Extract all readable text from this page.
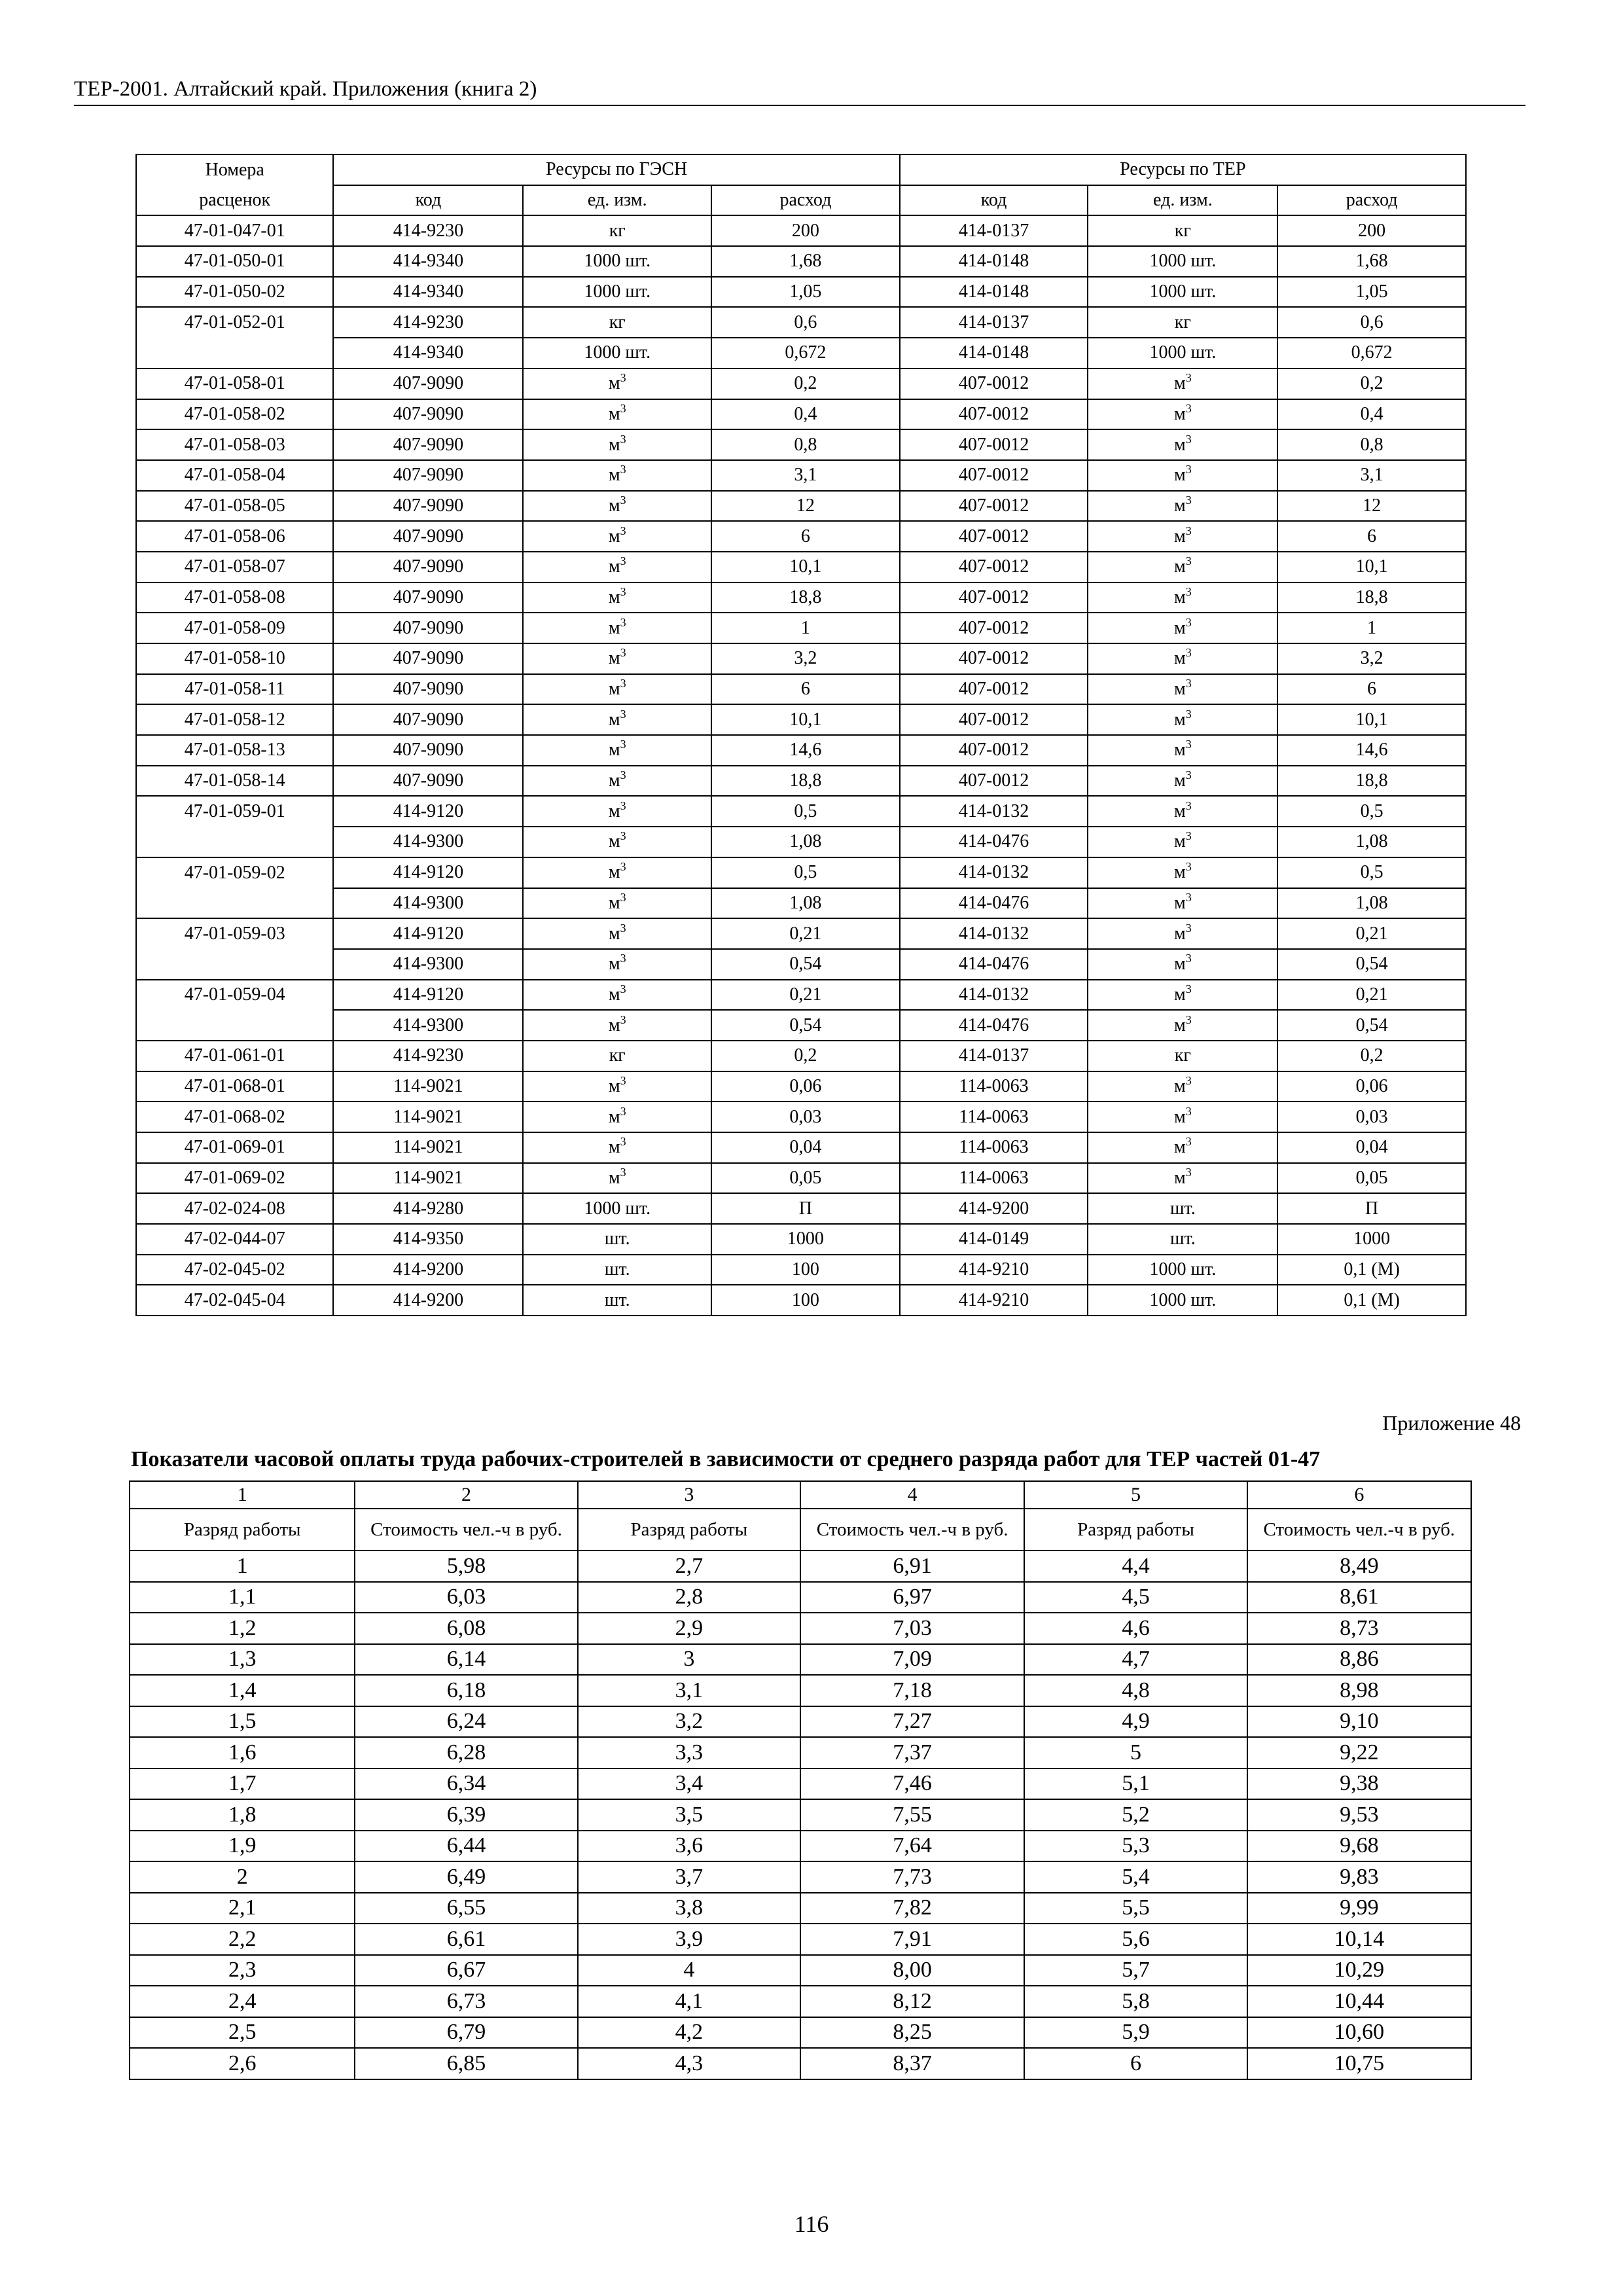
ТЕР-2001. Алтайский край. Приложения (книга 2)
Номера	Ресурсы по ГЭСН			Ресурсы по ТЕР		
расценок	код	ед. изм.	расход	код	ед. изм.	расход
47-01-047-01	414-9230	кг	200	414-0137	кг	200
47-01-050-01	414-9340	1000 шт.	1,68	414-0148	1000 шт.	1,68
47-01-050-02	414-9340	1000 шт.	1,05	414-0148	1000 шт.	1,05
47-01-052-01	414-9230	кг	0,6	414-0137	кг	0,6
	414-9340	1000 шт.	0,672	414-0148	1000 шт.	0,672
47-01-058-01	407-9090	$м^3$	0,2	407-0012	$м^3$	0,2
47-01-058-02	407-9090	$м^3$	0,4	407-0012	$м^3$	0,4
47-01-058-03	407-9090	$м^3$	0,8	407-0012	$м^3$	0,8
47-01-058-04	407-9090	$м^3$	3,1	407-0012	$м^3$	3,1
47-01-058-05	407-9090	$м^3$	12	407-0012	$м^3$	12
47-01-058-06	407-9090	$м^3$	6	407-0012	$м^3$	6
47-01-058-07	407-9090	$м^3$	10,1	407-0012	$м^3$	10,1
47-01-058-08	407-9090	$м^3$	18,8	407-0012	$м^3$	18,8
47-01-058-09	407-9090	$м^3$	1	407-0012	$м^3$	1
47-01-058-10	407-9090	$м^3$	3,2	407-0012	$м^3$	3,2
47-01-058-11	407-9090	$м^3$	6	407-0012	$м^3$	6
47-01-058-12	407-9090	$м^3$	10,1	407-0012	$м^3$	10,1
47-01-058-13	407-9090	$м^3$	14,6	407-0012	$м^3$	14,6
47-01-058-14	407-9090	$м^3$	18,8	407-0012	$м^3$	18,8
47-01-059-01	414-9120	$м^3$	0,5	414-0132	$м^3$	0,5
	414-9300	$м^3$	1,08	414-0476	$м^3$	1,08
47-01-059-02	414-9120	$м^3$	0,5	414-0132	$м^3$	0,5
	414-9300	$м^3$	1,08	414-0476	$м^3$	1,08
47-01-059-03	414-9120	$м^3$	0,21	414-0132	$м^3$	0,21
	414-9300	$м^3$	0,54	414-0476	$м^3$	0,54
47-01-059-04	414-9120	$м^3$	0,21	414-0132	$м^3$	0,21
	414-9300	$м^3$	0,54	414-0476	$м^3$	0,54
47-01-061-01	414-9230	кг	0,2	414-0137	кг	0,2
47-01-068-01	114-9021	$м^3$	0,06	114-0063	$м^3$	0,06
47-01-068-02	114-9021	$м^3$	0,03	114-0063	$м^3$	0,03
47-01-069-01	114-9021	$м^3$	0,04	114-0063	$м^3$	0,04
47-01-069-02	114-9021	$м^3$	0,05	114-0063	$м^3$	0,05
47-02-024-08	414-9280	1000 шт.	П	414-9200	шт.	П
47-02-044-07	414-9350	шт.	1000	414-0149	шт.	1000
47-02-045-02	414-9200	шт.	100	414-9210	1000 шт.	0,1 (М)
47-02-045-04	414-9200	шт.	100	414-9210	1000 шт.	0,1 (М)
Приложение 48
Показатели часовой оплаты труда рабочих-строителей в зависимости от среднего разряда работ для ТЕР частей 01-47
1	2	3	4	5	6
Разряд работы	Стоимость чел.-ч в руб.	Разряд работы	Стоимость чел.-ч в руб.	Разряд работы	Стоимость чел.-ч в руб.
1	5,98	2,7	6,91	4,4	8,49
1,1	6,03	2,8	6,97	4,5	8,61
1,2	6,08	2,9	7,03	4,6	8,73
1,3	6,14	3	7,09	4,7	8,86
1,4	6,18	3,1	7,18	4,8	8,98
1,5	6,24	3,2	7,27	4,9	9,10
1,6	6,28	3,3	7,37	5	9,22
1,7	6,34	3,4	7,46	5,1	9,38
1,8	6,39	3,5	7,55	5,2	9,53
1,9	6,44	3,6	7,64	5,3	9,68
2	6,49	3,7	7,73	5,4	9,83
2,1	6,55	3,8	7,82	5,5	9,99
2,2	6,61	3,9	7,91	5,6	10,14
2,3	6,67	4	8,00	5,7	10,29
2,4	6,73	4,1	8,12	5,8	10,44
2,5	6,79	4,2	8,25	5,9	10,60
2,6	6,85	4,3	8,37	6	10,75
116
